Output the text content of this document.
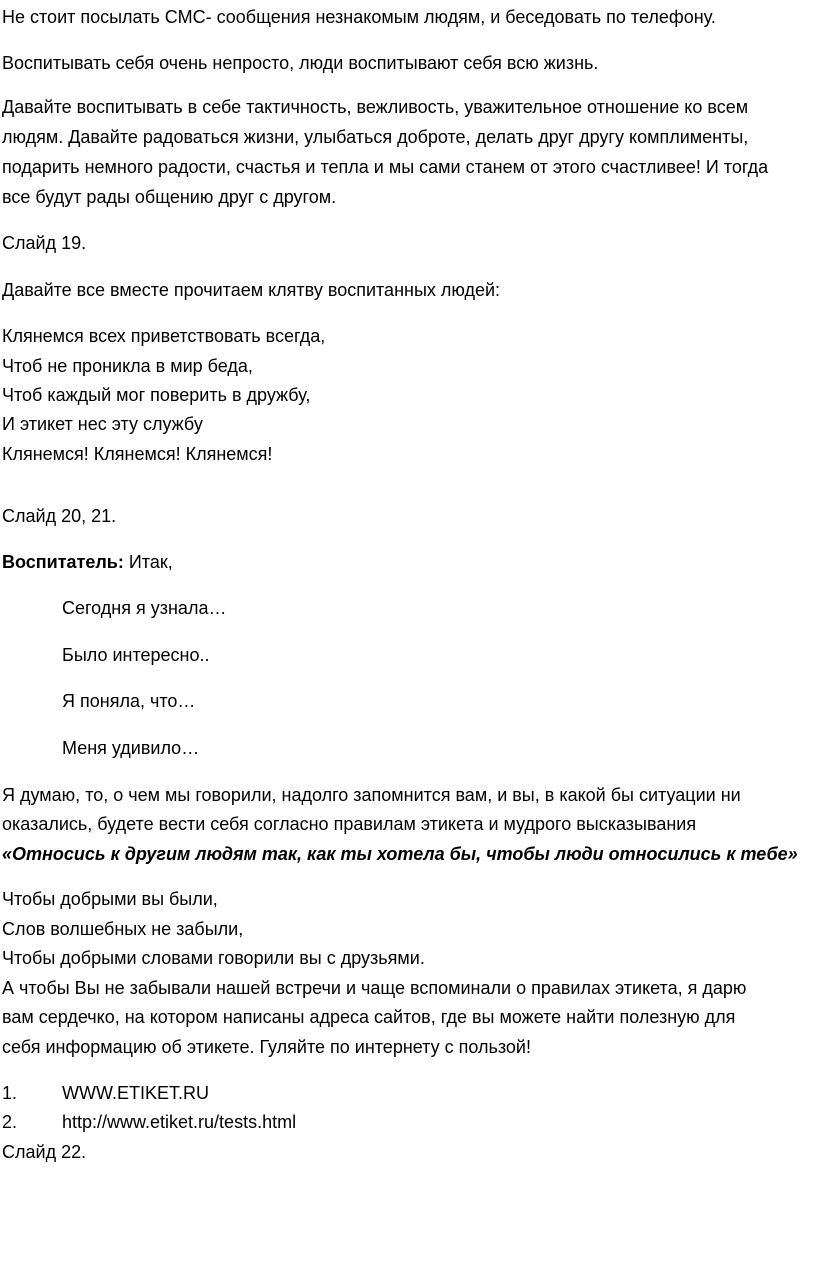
Не стоит посылать СМС- сообщения незнакомым людям, и беседовать по телефону.
Воспитывать себя очень непросто, люди воспитывают себя всю жизнь.
Давайте воспитывать в себе тактичность, вежливость, уважительное отношение ко всем
людям. Давайте радоваться жизни, улыбаться доброте, делать друг другу комплименты,
подарить немного радости, счастья и тепла и мы сами станем от этого счастливее! И тогда
все будут рады общению друг с другом.
Слайд 19.
Давайте все вместе прочитаем клятву воспитанных людей:
Клянемся всех приветствовать всегда,
Чтоб не проникла в мир беда,
Чтоб каждый мог поверить в дружбу,
И этикет нес эту службу
Клянемся! Клянемся! Клянемся!
Слайд 20, 21.
Воспитатель: Итак,
Сегодня я узнала…
Было интересно..
Я поняла, что…
Меня удивило…
Я думаю, то, о чем мы говорили, надолго запомнится вам, и вы, в какой бы ситуации ни
оказались, будете вести себя согласно правилам этикета и мудрого высказывания
«Относись к другим людям так, как ты хотела бы, чтобы люди относились к тебе»
Чтобы добрыми вы были,
Слов волшебных не забыли,
Чтобы добрыми словами говорили вы с друзьями.
А чтобы Вы не забывали нашей встречи и чаще вспоминали о правилах этикета, я дарю
вам сердечко, на котором написаны адреса сайтов, где вы можете найти полезную для
себя информацию об этикете. Гуляйте по интернету с пользой!
1. WWW.ETIKET.RU
2. http://www.etiket.ru/tests.html
Слайд 22.
